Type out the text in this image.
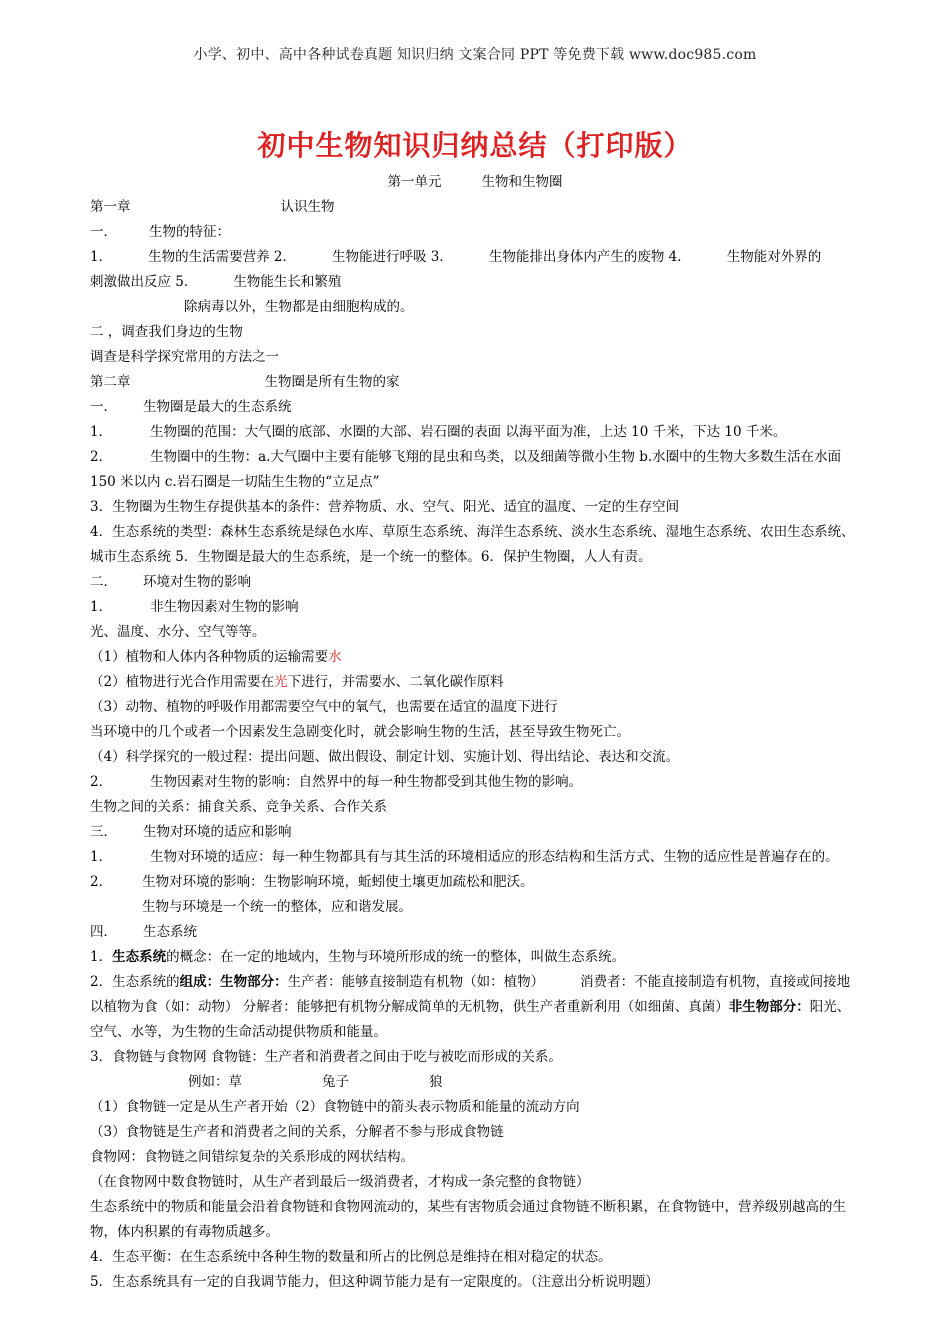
小学、初中、高中各种试卷真题 知识归纳 文案合同 PPT 等免费下载 www.doc985.com
初中生物知识归纳总结（打印版）
第一单元	生物和生物圈
第一章	认识生物
一． 生物的特征：
1．	生物的生活需要营养 2．	生物能进行呼吸 3．	生物能排出身体内产生的废物 4．	生物能对外界的
刺激做出反应 5．	生物能生长和繁殖
除病毒以外，生物都是由细胞构成的。
二 ，调查我们身边的生物
调查是科学探究常用的方法之一
第二章	生物圈是所有生物的家
一． 生物圈是最大的生态系统
1．	生物圈的范围：大气圈的底部、水圈的大部、岩石圈的表面 以海平面为准，上达 10 千米，下达 10 千米。
2．	生物圈中的生物：a.大气圈中主要有能够飞翔的昆虫和鸟类，以及细菌等微小生物 b.水圈中的生物大多数生活在水面 150 米以内 c.岩石圈是一切陆生生物的“立足点”
3．生物圈为生物生存提供基本的条件：营养物质、水、空气、阳光、适宜的温度、一定的生存空间
4．生态系统的类型：森林生态系统是绿色水库、草原生态系统、海洋生态系统、淡水生态系统、湿地生态系统、农田生态系统、城市生态系统 5．生物圈是最大的生态系统，是一个统一的整体。6．保护生物圈，人人有责。
二． 环境对生物的影响
1．	非生物因素对生物的影响
光、温度、水分、空气等等。
（1）植物和人体内各种物质的运输需要水
（2）植物进行光合作用需要在光下进行，并需要水、二氧化碳作原料
（3）动物、植物的呼吸作用都需要空气中的氧气，也需要在适宜的温度下进行
当环境中的几个或者一个因素发生急剧变化时，就会影响生物的生活，甚至导致生物死亡。
（4）科学探究的一般过程：提出问题、做出假设、制定计划、实施计划、得出结论、表达和交流。
2．	生物因素对生物的影响：自然界中的每一种生物都受到其他生物的影响。
生物之间的关系：捕食关系、竞争关系、合作关系
三． 生物对环境的适应和影响
1．	生物对环境的适应：每一种生物都具有与其生活的环境相适应的形态结构和生活方式、生物的适应性是普遍存在的。2． 生物对环境的影响：生物影响环境，蚯蚓使土壤更加疏松和肥沃。
生物与环境是一个统一的整体，应和谐发展。
四． 生态系统
1．生态系统的概念：在一定的地域内，生物与环境所形成的统一的整体，叫做生态系统。
2．生态系统的组成：生物部分：生产者：能够直接制造有机物（如：植物）	消费者：不能直接制造有机物，直接或间接地以植物为食（如：动物） 分解者：能够把有机物分解成简单的无机物，供生产者重新利用（如细菌、真菌）非生物部分：阳光、空气、水等，为生物的生命活动提供物质和能量。
3．食物链与食物网 食物链：生产者和消费者之间由于吃与被吃而形成的关系。
例如：草	兔子	狼
（1）食物链一定是从生产者开始（2）食物链中的箭头表示物质和能量的流动方向
（3）食物链是生产者和消费者之间的关系，分解者不参与形成食物链
食物网：食物链之间错综复杂的关系形成的网状结构。
（在食物网中数食物链时，从生产者到最后一级消费者，才构成一条完整的食物链）
生态系统中的物质和能量会沿着食物链和食物网流动的，某些有害物质会通过食物链不断积累，在食物链中，营养级别越高的生物，体内积累的有毒物质越多。
4．生态平衡：在生态系统中各种生物的数量和所占的比例总是维持在相对稳定的状态。
5．生态系统具有一定的自我调节能力，但这种调节能力是有一定限度的。（注意出分析说明题）
